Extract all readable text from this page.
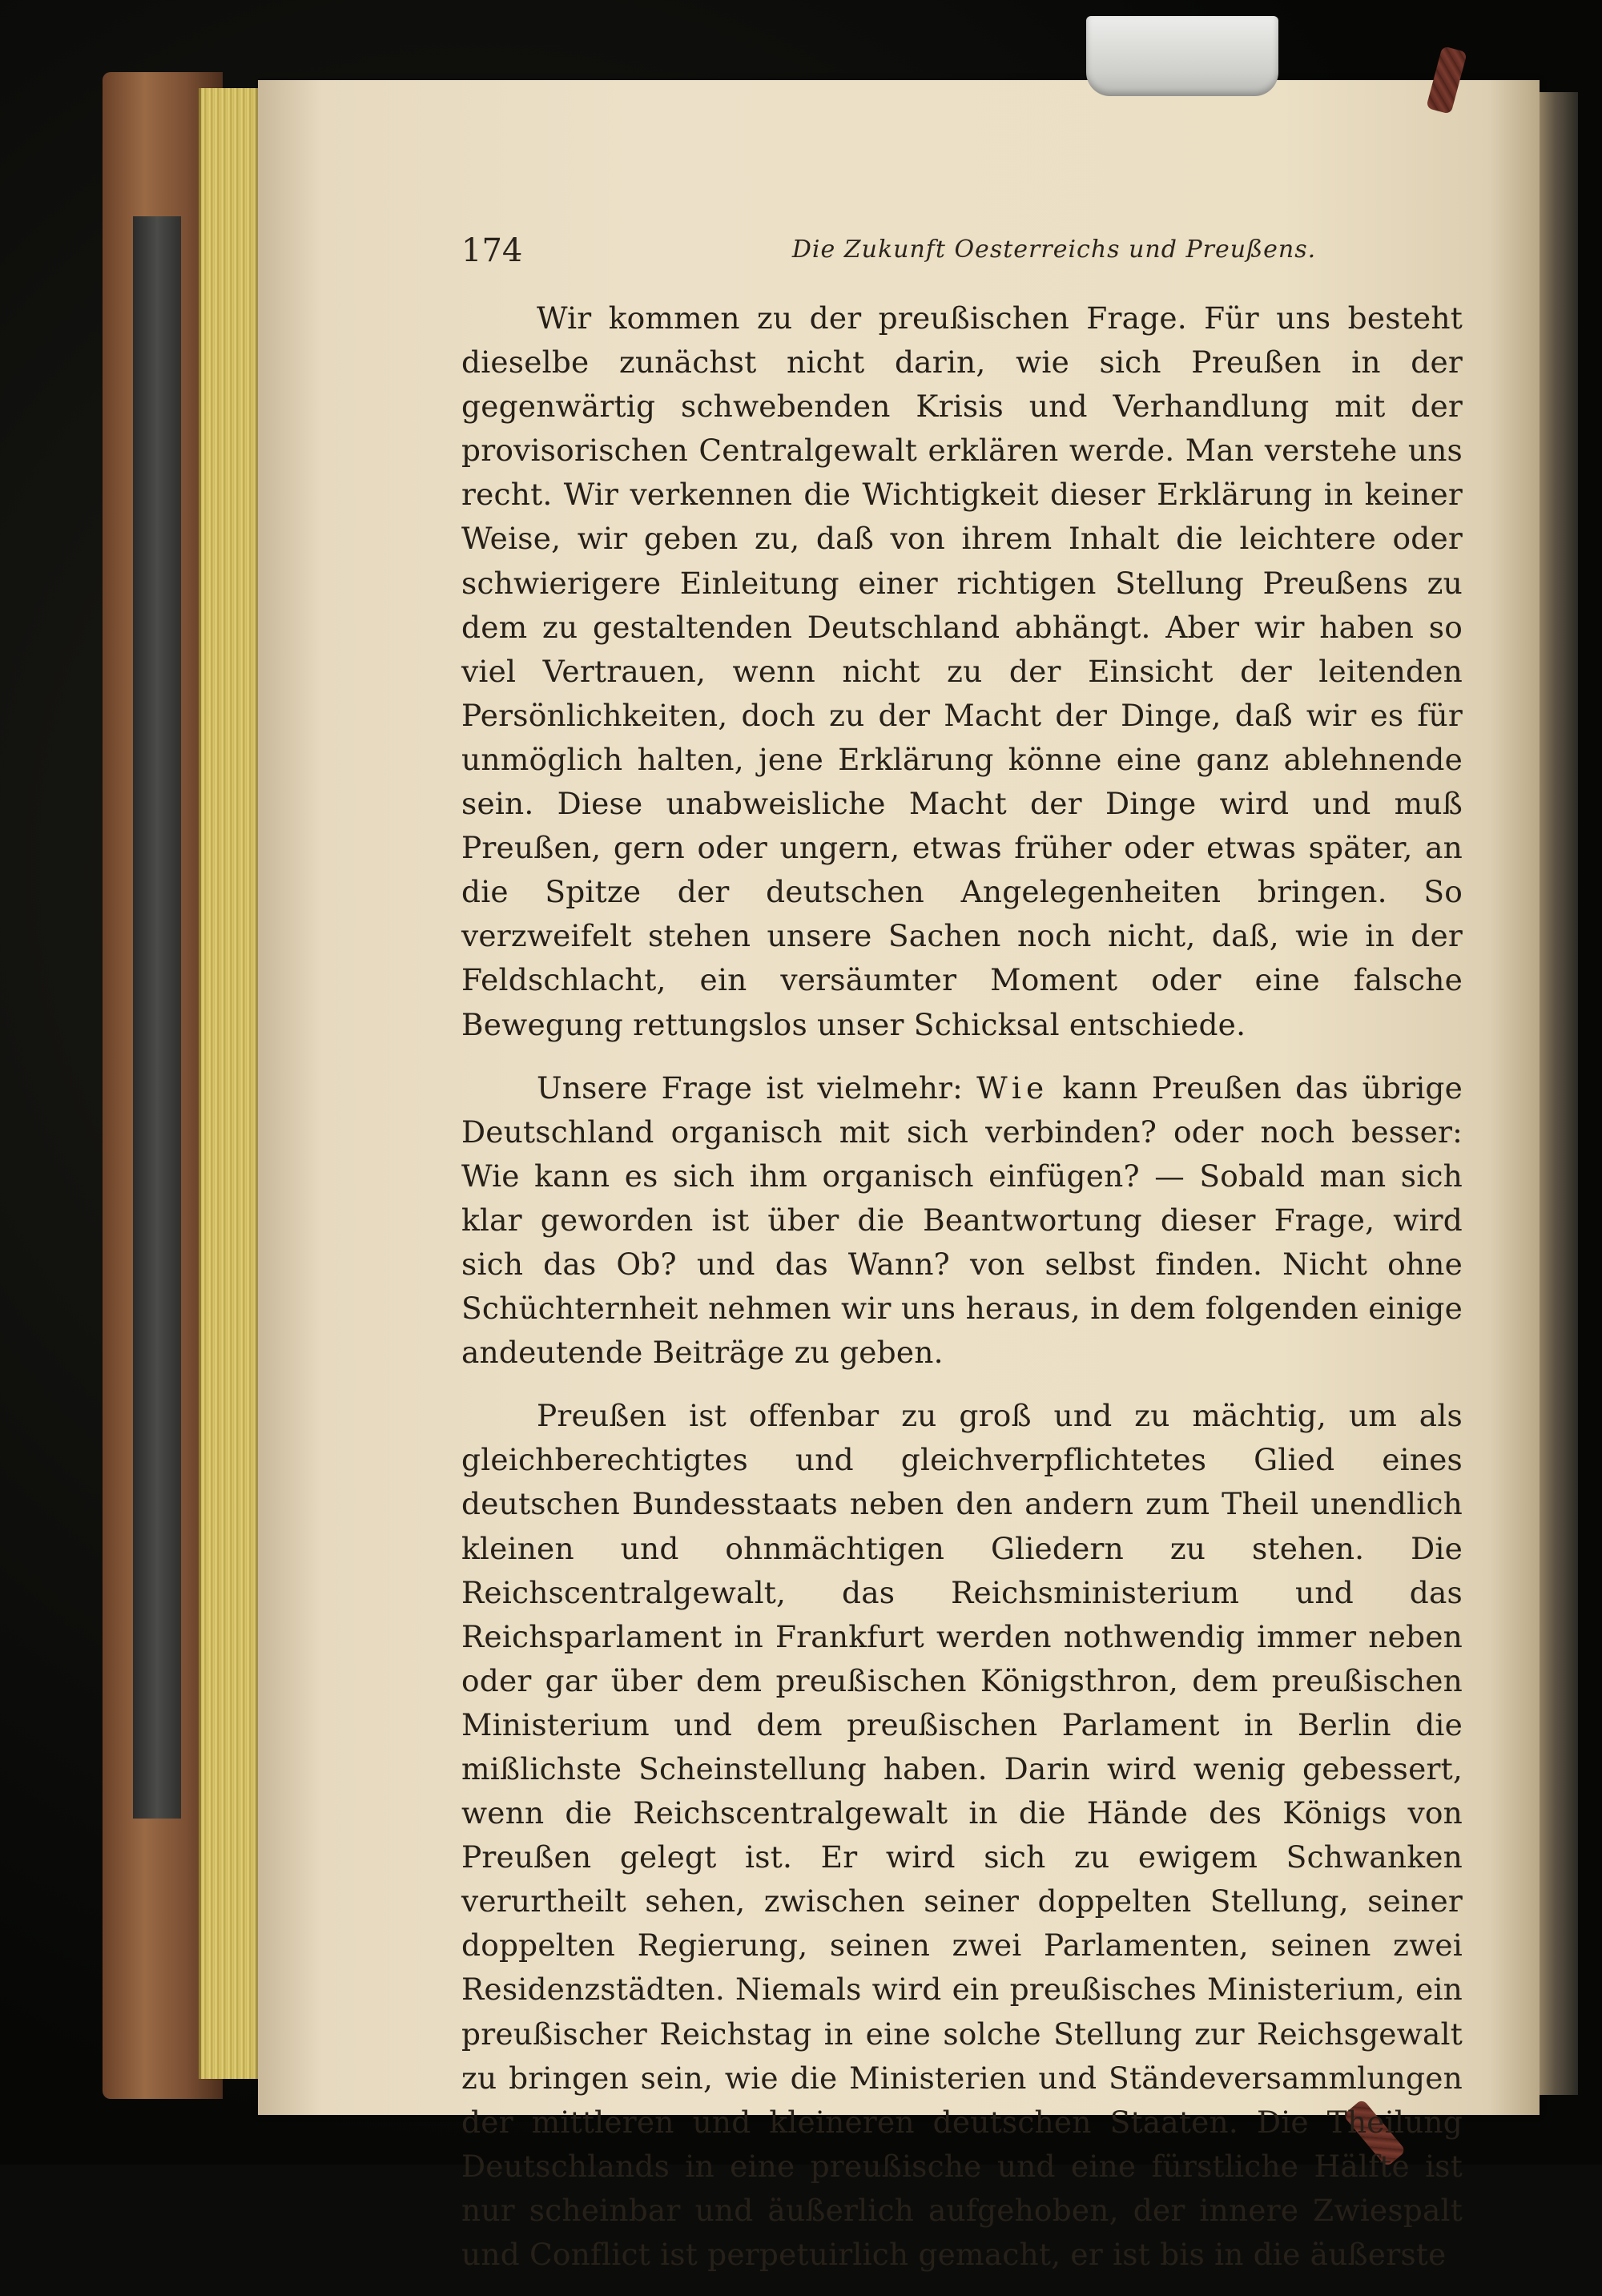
174	Die Zukunft Oesterreichs und Preußens.

Wir kommen zu der preußischen Frage. Für uns besteht dieselbe zunächst nicht darin, wie sich Preußen in der gegenwärtig schwebenden Krisis und Verhandlung mit der provisorischen Centralgewalt erklären werde. Man verstehe uns recht. Wir verkennen die Wichtigkeit dieser Erklärung in keiner Weise, wir geben zu, daß von ihrem Inhalt die leichtere oder schwierigere Einleitung einer richtigen Stellung Preußens zu dem zu gestaltenden Deutschland abhängt. Aber wir haben so viel Vertrauen, wenn nicht zu der Einsicht der leitenden Persönlichkeiten, doch zu der Macht der Dinge, daß wir es für unmöglich halten, jene Erklärung könne eine ganz ablehnende sein. Diese unabweisliche Macht der Dinge wird und muß Preußen, gern oder ungern, etwas früher oder etwas später, an die Spitze der deutschen Angelegenheiten bringen. So verzweifelt stehen unsere Sachen noch nicht, daß, wie in der Feldschlacht, ein versäumter Moment oder eine falsche Bewegung rettungslos unser Schicksal entschiede.

Unsere Frage ist vielmehr: Wie kann Preußen das übrige Deutschland organisch mit sich verbinden? oder noch besser: Wie kann es sich ihm organisch einfügen? — Sobald man sich klar geworden ist über die Beantwortung dieser Frage, wird sich das Ob? und das Wann? von selbst finden. Nicht ohne Schüchternheit nehmen wir uns heraus, in dem folgenden einige andeutende Beiträge zu geben.

Preußen ist offenbar zu groß und zu mächtig, um als gleichberechtigtes und gleichverpflichtetes Glied eines deutschen Bundesstaats neben den andern zum Theil unendlich kleinen und ohnmächtigen Gliedern zu stehen. Die Reichscentralgewalt, das Reichsministerium und das Reichsparlament in Frankfurt werden nothwendig immer neben oder gar über dem preußischen Königsthron, dem preußischen Ministerium und dem preußischen Parlament in Berlin die mißlichste Scheinstellung haben. Darin wird wenig gebessert, wenn die Reichscentralgewalt in die Hände des Königs von Preußen gelegt ist. Er wird sich zu ewigem Schwanken verurtheilt sehen, zwischen seiner doppelten Stellung, seiner doppelten Regierung, seinen zwei Parlamenten, seinen zwei Residenzstädten. Niemals wird ein preußisches Ministerium, ein preußischer Reichstag in eine solche Stellung zur Reichsgewalt zu bringen sein, wie die Ministerien und Ständeversammlungen der mittleren und kleineren deutschen Staaten. Die Theilung Deutschlands in eine preußische und eine fürstliche Hälfte ist nur scheinbar und äußerlich aufgehoben, der innere Zwiespalt und Conflict ist perpetuirlich gemacht, er ist bis in die äußerste
